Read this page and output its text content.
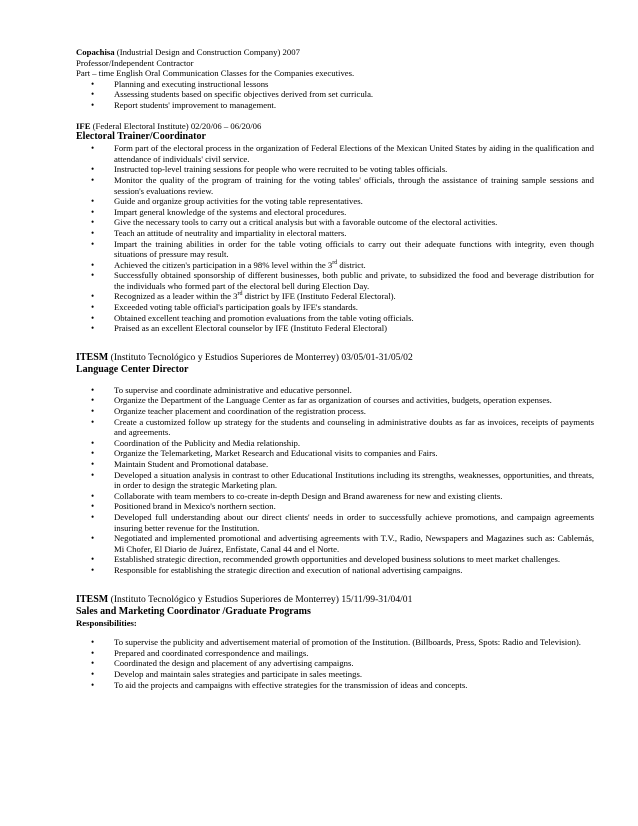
Copachisa (Industrial Design and Construction Company) 2007

Professor/Independent Contractor

Part – time English Oral Communication Classes for the Companies executives.

• Planning and executing instructional lessons
• Assessing students based on specific objectives derived from set curricula.
• Report students' improvement to management.

IFE (Federal Electoral Institute) 02/20/06 – 06/20/06

Electoral Trainer/Coordinator

• Form part of the electoral process in the organization of Federal Elections of the Mexican United States by aiding in the qualification and attendance of individuals' civil service.
• Instructed top-level training sessions for people who were recruited to be voting tables officials.
• Monitor the quality of the program of training for the voting tables' officials, through the assistance of training sample sessions and session's evaluations review.
• Guide and organize group activities for the voting table representatives.
• Impart general knowledge of the systems and electoral procedures.
• Give the necessary tools to carry out a critical analysis but with a favorable outcome of the electoral activities.
• Teach an attitude of neutrality and impartiality in electoral matters.
• Impart the training abilities in order for the table voting officials to carry out their adequate functions with integrity, even though situations of pressure may result.
• Achieved the citizen's participation in a 98% level within the 3rd district.
• Successfully obtained sponsorship of different businesses, both public and private, to subsidized the food and beverage distribution for the individuals who formed part of the electoral bell during Election Day.
• Recognized as a leader within the 3rd district by IFE (Instituto Federal Electoral).
• Exceeded voting table official's participation goals by IFE's standards.
• Obtained excellent teaching and promotion evaluations from the table voting officials.
• Praised as an excellent Electoral counselor by IFE (Instituto Federal Electoral)

ITESM (Instituto Tecnológico y Estudios Superiores de Monterrey) 03/05/01-31/05/02

Language Center Director

• To supervise and coordinate administrative and educative personnel.
• Organize the Department of the Language Center as far as organization of courses and activities, budgets, operation expenses.
• Organize teacher placement and coordination of the registration process.
• Create a customized follow up strategy for the students and counseling in administrative doubts as far as invoices, receipts of payments and agreements.
• Coordination of the Publicity and Media relationship.
• Organize the Telemarketing, Market Research and Educational visits to companies and Fairs.
• Maintain Student and Promotional database.
• Developed a situation analysis in contrast to other Educational Institutions including its strengths, weaknesses, opportunities, and threats, in order to design the strategic Marketing plan.
• Collaborate with team members to co-create in-depth Design and Brand awareness for new and existing clients.
• Positioned brand in Mexico's northern section.
• Developed full understanding about our direct clients' needs in order to successfully achieve promotions, and campaign agreements insuring better revenue for the Institution.
• Negotiated and implemented promotional and advertising agreements with T.V., Radio, Newspapers and Magazines such as: Cablemás, Mi Chofer, El Diario de Juárez, Enfístate, Canal 44 and el Norte.
• Established strategic direction, recommended growth opportunities and developed business solutions to meet market challenges.
• Responsible for establishing the strategic direction and execution of national advertising campaigns.

ITESM (Instituto Tecnológico y Estudios Superiores de Monterrey) 15/11/99-31/04/01

Sales and Marketing Coordinator /Graduate Programs

Responsibilities:

• To supervise the publicity and advertisement material of promotion of the Institution. (Billboards, Press, Spots: Radio and Television).
• Prepared and coordinated correspondence and mailings.
• Coordinated the design and placement of any advertising campaigns.
• Develop and maintain sales strategies and participate in sales meetings.
• To aid the projects and campaigns with effective strategies for the transmission of ideas and concepts.
